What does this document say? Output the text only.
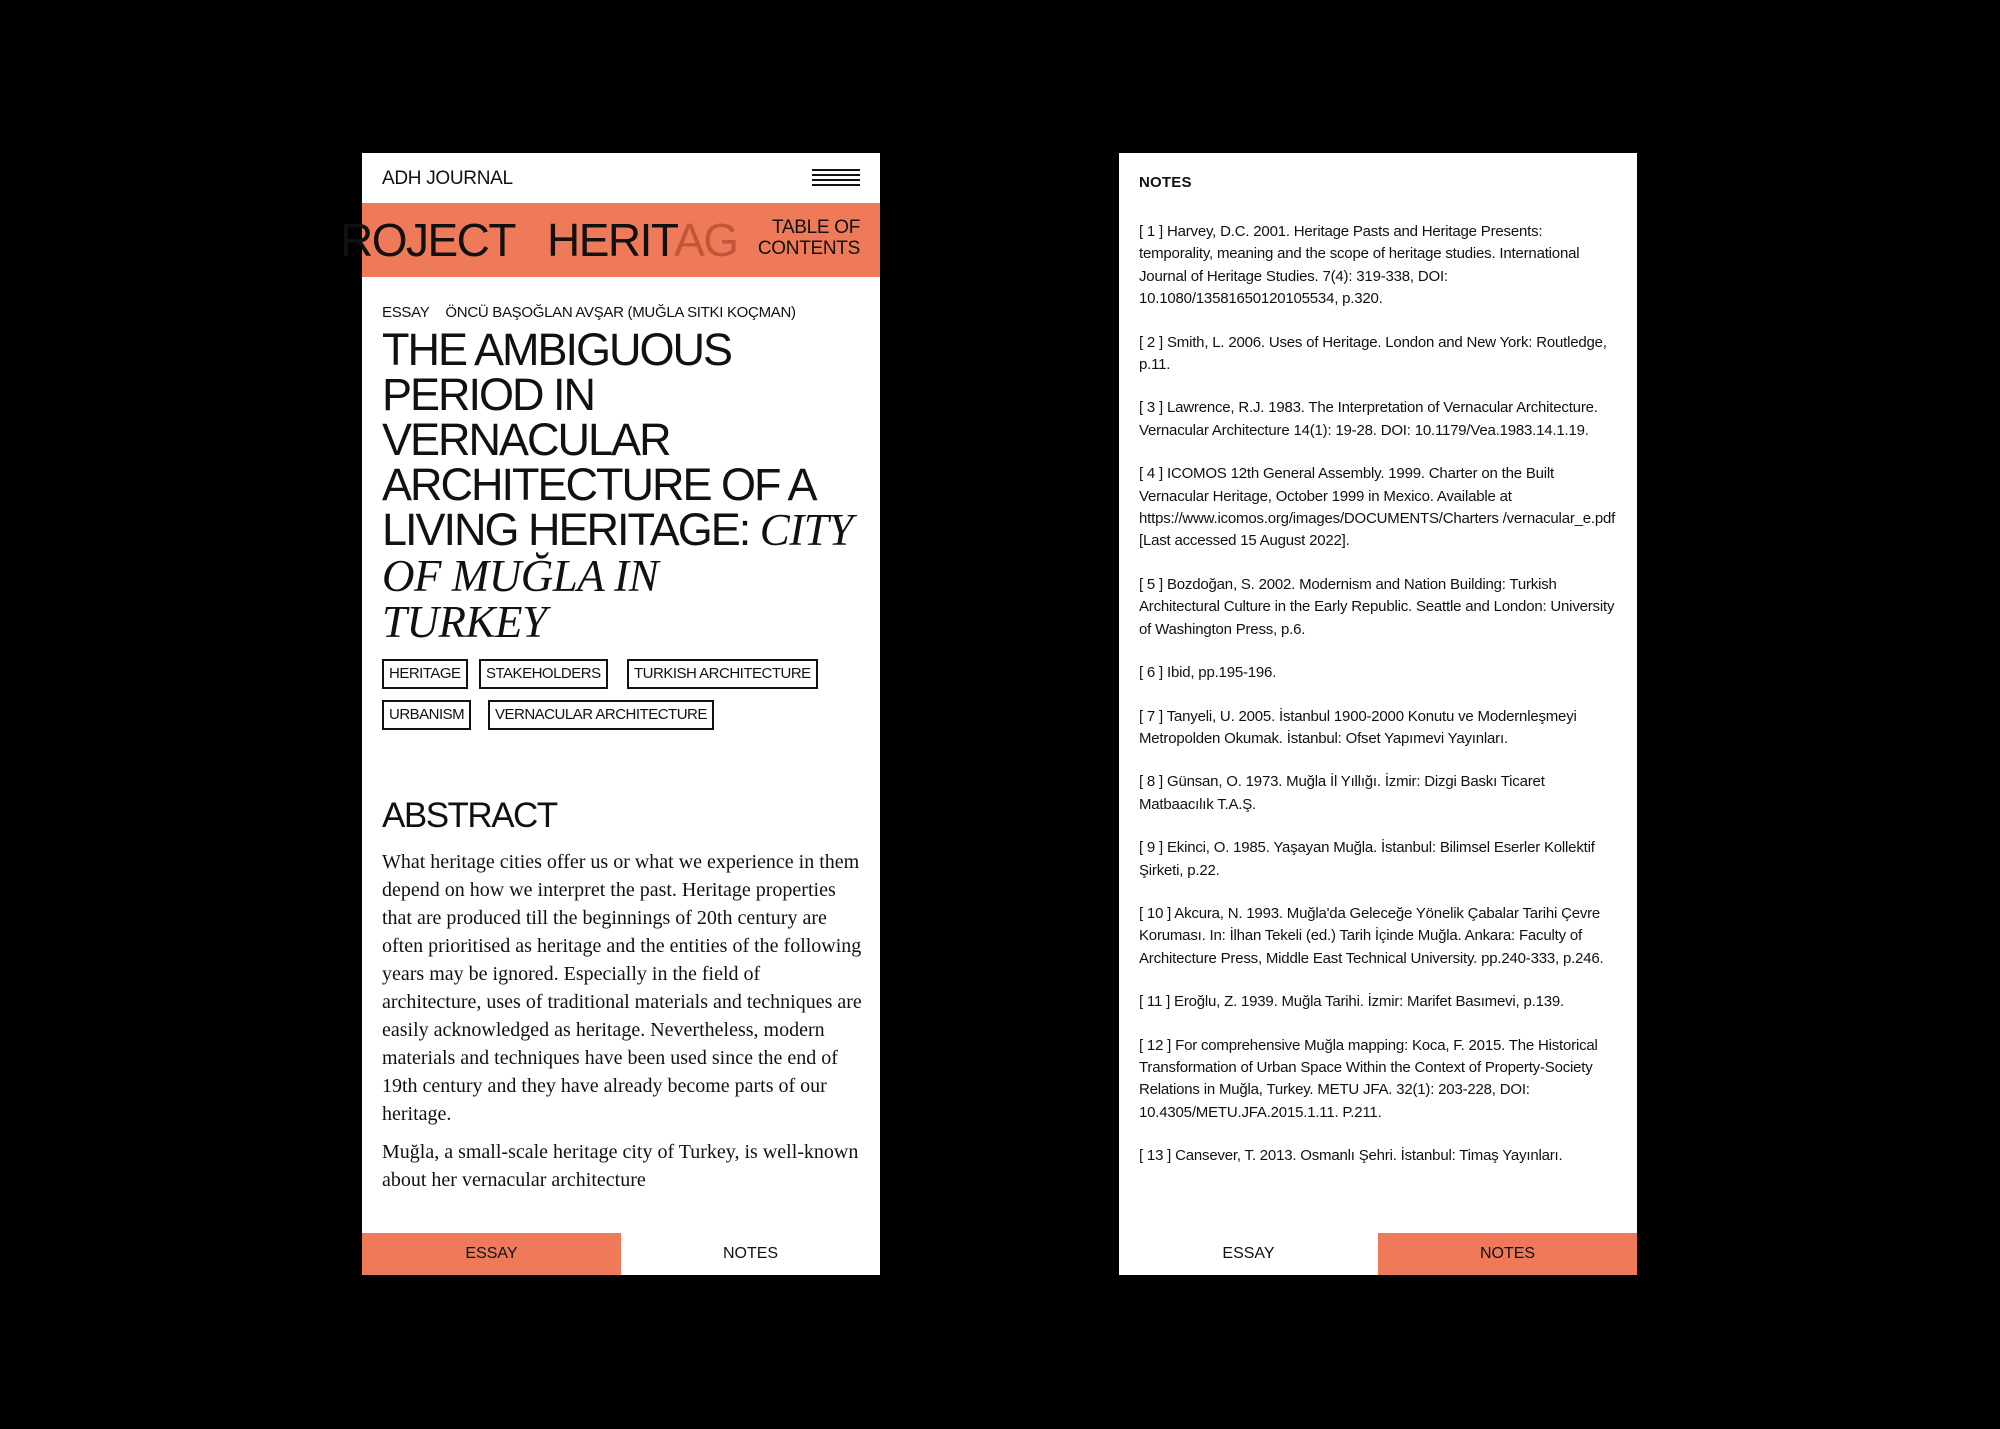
ADH JOURNAL
ROJECT HERITAG	TABLE OF
CONTENTS
ESSAY ÖNCÜ BAŞOĞLAN AVŞAR (MUĞLA SITKI KOÇMAN)
THE AMBIGUOUS
PERIOD IN
VERNACULAR
ARCHITECTURE OF A
LIVING HERITAGE: CITY
OF MUĞLA IN
TURKEY
HERITAGE	STAKEHOLDERS	TURKISH ARCHITECTURE
URBANISM	VERNACULAR ARCHITECTURE
ABSTRACT

What heritage cities offer us or what we experience in them depend on how we interpret the past. Heritage properties that are produced till the beginnings of 20th century are often prioritised as heritage and the entities of the following years may be ignored. Especially in the field of architecture, uses of traditional materials and techniques are easily acknowledged as heritage. Nevertheless, modern materials and techniques have been used since the end of 19th century and they have already become parts of our heritage.

Muğla, a small-scale heritage city of Turkey, is well-known about her vernacular architecture

ESSAY	NOTES
NOTES

[ 1 ] Harvey, D.C. 2001. Heritage Pasts and Heritage Presents: temporality, meaning and the scope of heritage studies. International Journal of Heritage Studies. 7(4): 319-338, DOI: 10.1080/13581650120105534, p.320.

[ 2 ] Smith, L. 2006. Uses of Heritage. London and New York: Routledge, p.11.

[ 3 ] Lawrence, R.J. 1983. The Interpretation of Vernacular Architecture. Vernacular Architecture 14(1): 19-28. DOI: 10.1179/Vea.1983.14.1.19.

[ 4 ] ICOMOS 12th General Assembly. 1999. Charter on the Built Vernacular Heritage, October 1999 in Mexico. Available at https://www.icomos.org/images/DOCUMENTS/Charters /vernacular_e.pdf [Last accessed 15 August 2022].

[ 5 ] Bozdoğan, S. 2002. Modernism and Nation Building: Turkish Architectural Culture in the Early Republic. Seattle and London: University of Washington Press, p.6.

[ 6 ] Ibid, pp.195-196.

[ 7 ] Tanyeli, U. 2005. İstanbul 1900-2000 Konutu ve Modernleşmeyi Metropolden Okumak. İstanbul: Ofset Yapımevi Yayınları.

[ 8 ] Günsan, O. 1973. Muğla İl Yıllığı. İzmir: Dizgi Baskı Ticaret Matbaacılık T.A.Ş.

[ 9 ] Ekinci, O. 1985. Yaşayan Muğla. İstanbul: Bilimsel Eserler Kollektif Şirketi, p.22.

[ 10 ] Akcura, N. 1993. Muğla'da Geleceğe Yönelik Çabalar Tarihi Çevre Koruması. In: İlhan Tekeli (ed.) Tarih İçinde Muğla. Ankara: Faculty of Architecture Press, Middle East Technical University. pp.240-333, p.246.

[ 11 ] Eroğlu, Z. 1939. Muğla Tarihi. İzmir: Marifet Basımevi, p.139.

[ 12 ] For comprehensive Muğla mapping: Koca, F. 2015. The Historical Transformation of Urban Space Within the Context of Property-Society Relations in Muğla, Turkey. METU JFA. 32(1): 203-228, DOI: 10.4305/METU.JFA.2015.1.11. P.211.

[ 13 ] Cansever, T. 2013. Osmanlı Şehri. İstanbul: Timaş Yayınları.

ESSAY	NOTES
